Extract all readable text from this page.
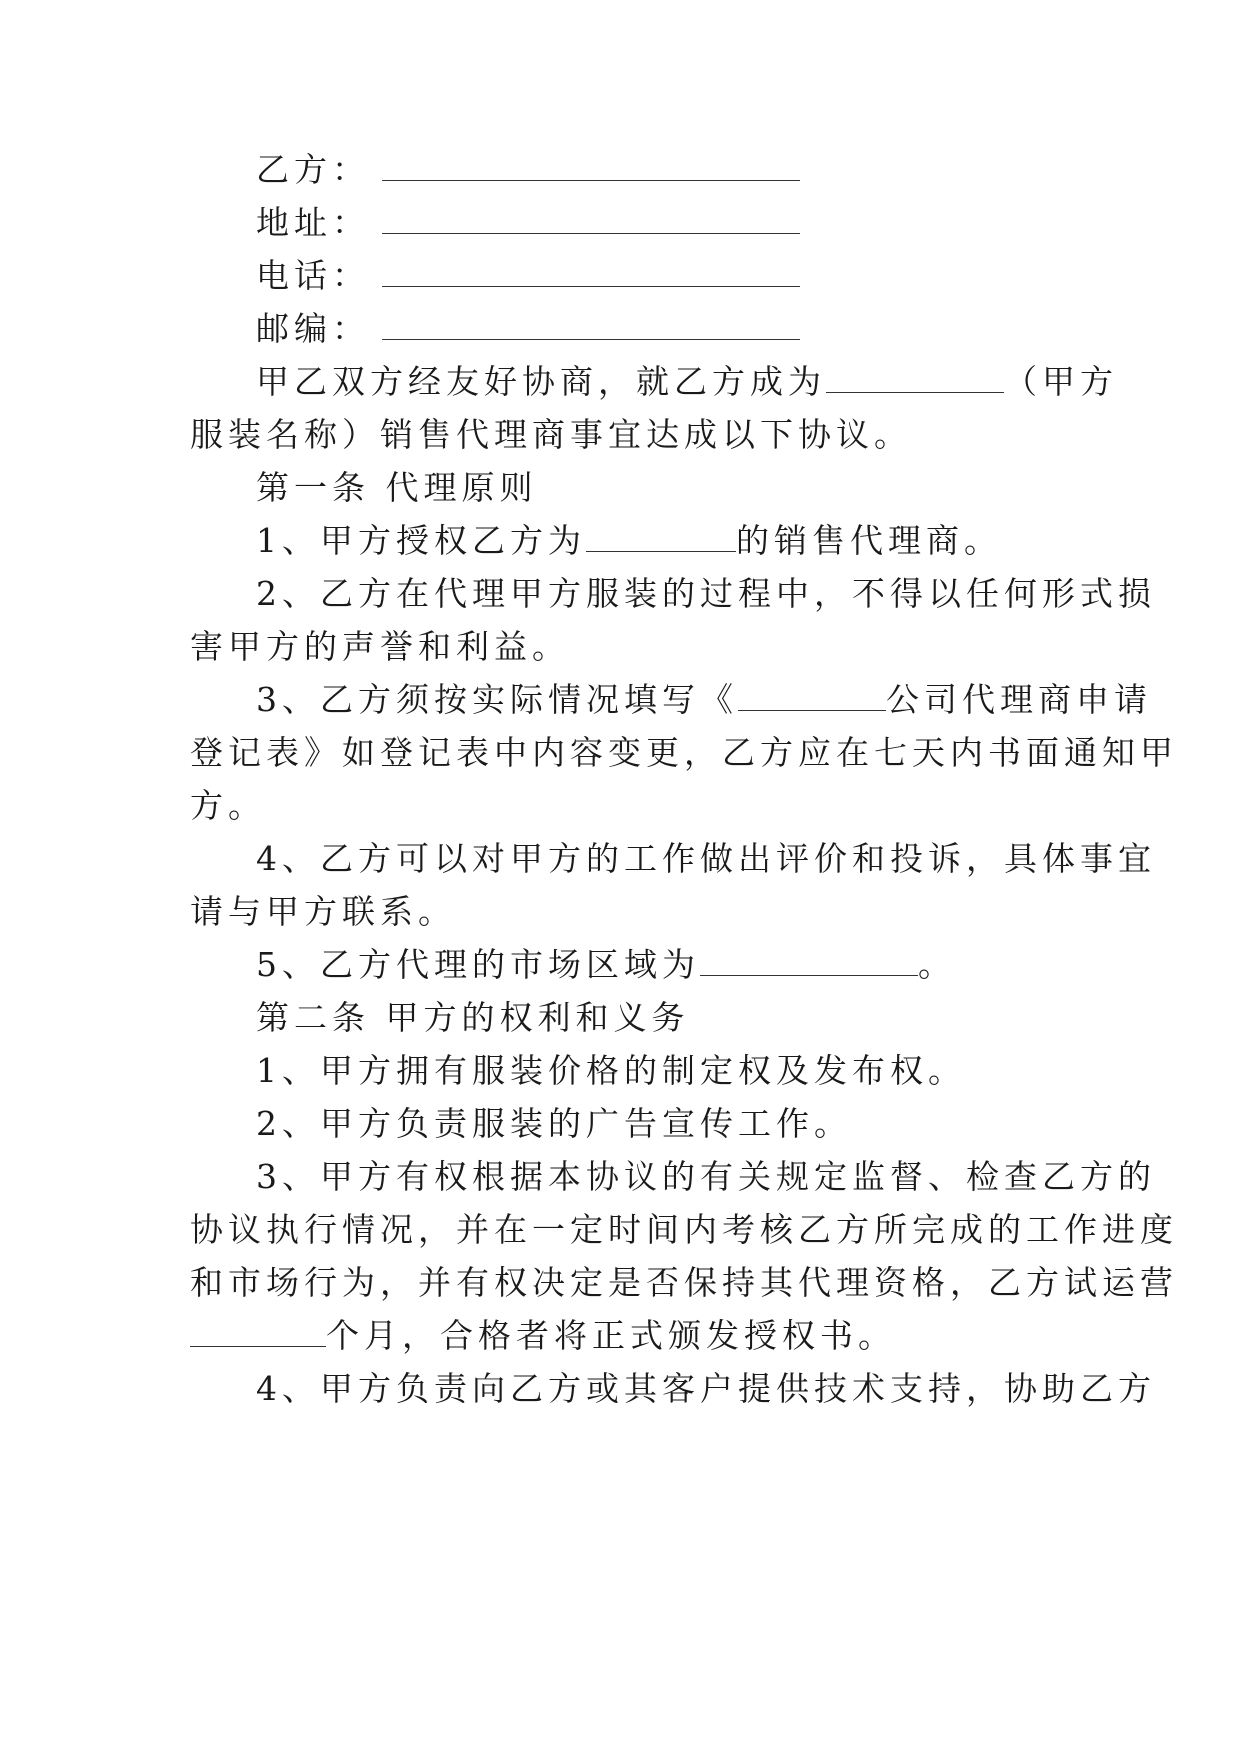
乙方：
地址：
电话：
邮编：
甲乙双方经友好协商，就乙方成为	（甲方
服装名称）销售代理商事宜达成以下协议。
第一条 代理原则
1、甲方授权乙方为	的销售代理商。
2、乙方在代理甲方服装的过程中，不得以任何形式损
害甲方的声誉和利益。
3、乙方须按实际情况填写《	公司代理商申请
登记表》如登记表中内容变更，乙方应在七天内书面通知甲
方。
4、乙方可以对甲方的工作做出评价和投诉，具体事宜
请与甲方联系。
5、乙方代理的市场区域为	。
第二条 甲方的权利和义务
1、甲方拥有服装价格的制定权及发布权。
2、甲方负责服装的广告宣传工作。
3、甲方有权根据本协议的有关规定监督、检查乙方的
协议执行情况，并在一定时间内考核乙方所完成的工作进度
和市场行为，并有权决定是否保持其代理资格，乙方试运营
个月，合格者将正式颁发授权书。
4、甲方负责向乙方或其客户提供技术支持，协助乙方
